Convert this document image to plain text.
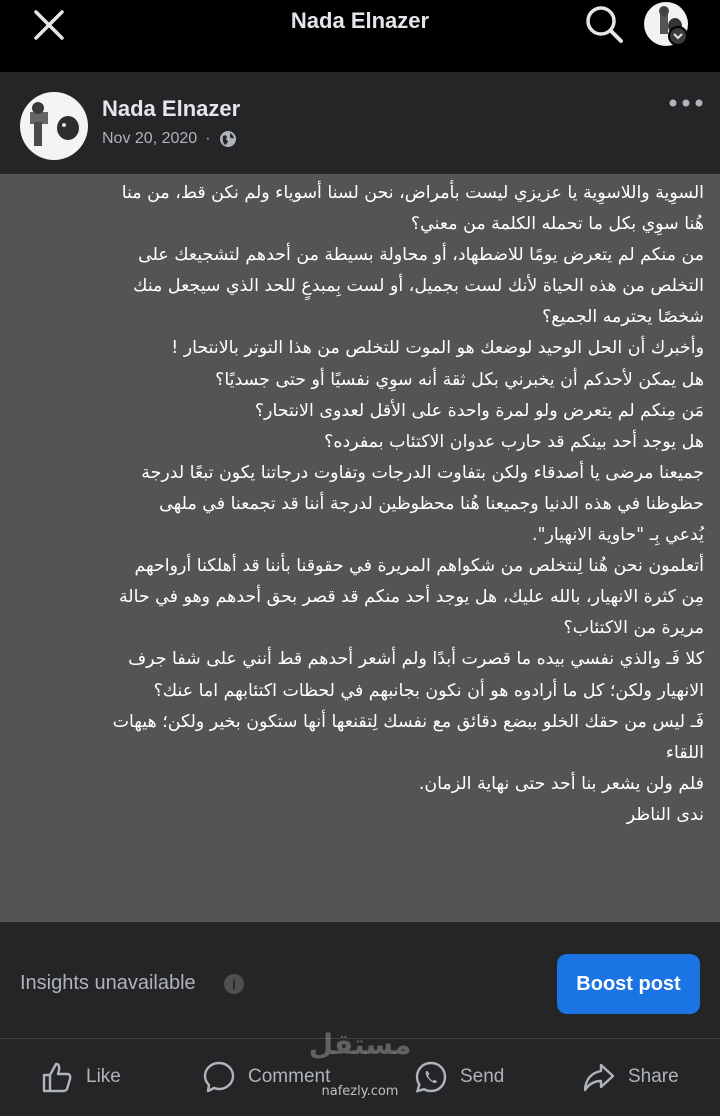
Nada Elnazer
Nada Elnazer
Nov 20, 2020 ·

السوِية واللاسوِية يا عزيزي ليست بأمراض، نحن لسنا أسوياء ولم نكن قط، من منا

هُنا سوِي بكل ما تحمله الكلمة من معني؟

من منكم لم يتعرض يومًا للاضطهاد، أو محاولة بسيطة من أحدهم لتشجيعك على

التخلص من هذه الحياة لأنك لست بجميل، أو لست بِمبدعٍ للحد الذي سيجعل منك

شخصًا يحترمه الجميع؟

وأخبرك أن الحل الوحيد لوضعك هو الموت للتخلص من هذا التوتر بالانتحار !

هل يمكن لأحدكم أن يخبرني بكل ثقة أنه سوِي نفسيًا أو حتى جسديًا؟

مَن مِنكم لم يتعرض ولو لمرة واحدة على الأقل لعدوى الانتحار؟

هل يوجد أحد بينكم قد حارب عدوان الاكتئاب بمفرده؟

جميعنا مرضى يا أصدقاء ولكن بتفاوت الدرجات وتفاوت درجاتنا يكون تبعًا لدرجة

حظوظنا في هذه الدنيا وجميعنا هُنا محظوظين لدرجة أننا قد تجمعنا في ملهى

يُدعي بِـ "حاوية الانهيار".

أتعلمون نحن هُنا لِنتخلص من شكواهم المريرة في حقوقنا بأننا قد أهلكنا أرواحهم

مِن كثرة الانهيار، بالله عليك، هل يوجد أحد منكم قد قصر بحق أحدهم وهو في حالة

مريرة من الاكتئاب؟

كلا فَـ والذي نفسي بيده ما قصرت أبدًا ولم أشعر أحدهم قط أنني على شفا جرف

الانهيار ولكن؛ كل ما أرادوه هو أن نكون بجانبهم في لحظات اكتئابهم اما عنك؟

فَـ ليس من حقك الخلو ببضع دقائق مع نفسك لِتقنعها أنها ستكون بخير ولكن؛ هيهات

اللقاء

فلم ولن يشعر بنا أحد حتى نهاية الزمان.

ندى الناظر

Insights unavailable	i	Boost post
Like	Comment	Send	Share
مستقل
nafezly.com
